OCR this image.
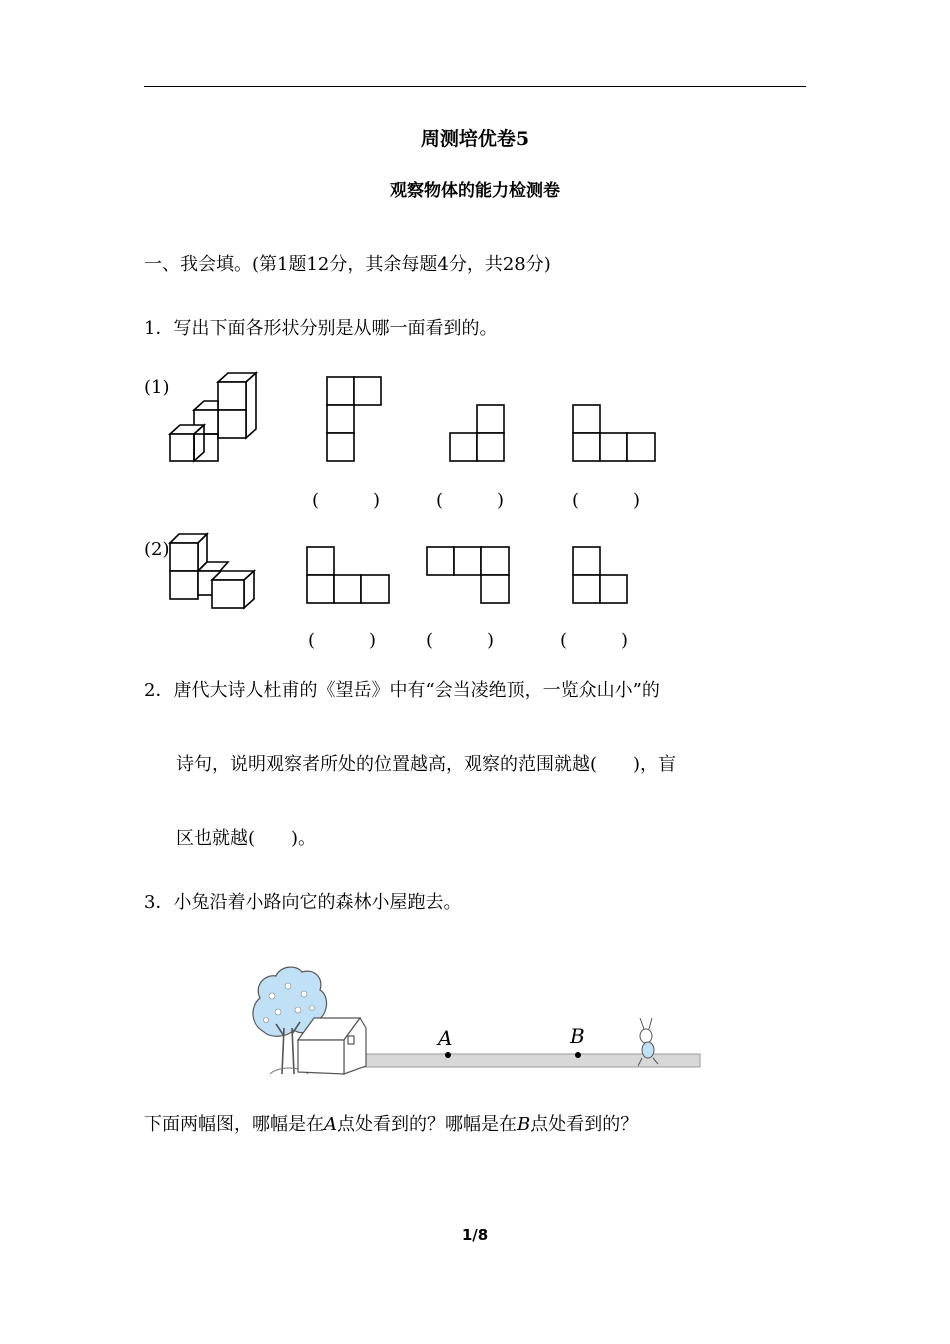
周测培优卷5
观察物体的能力检测卷
一、我会填。(第1题12分，其余每题4分，共28分)
1．写出下面各形状分别是从哪一面看到的。
(1)
(　　　)	(　　　)	(　　　)
(2)
(　　　)	(　　　)	(　　　)
2．唐代大诗人杜甫的《望岳》中有“会当凌绝顶，一览众山小”的
诗句，说明观察者所处的位置越高，观察的范围就越(　　)，盲
区也就越(　　)。
3．小兔沿着小路向它的森林小屋跑去。
A	B
下面两幅图，哪幅是在A点处看到的？哪幅是在B点处看到的？
1/8
